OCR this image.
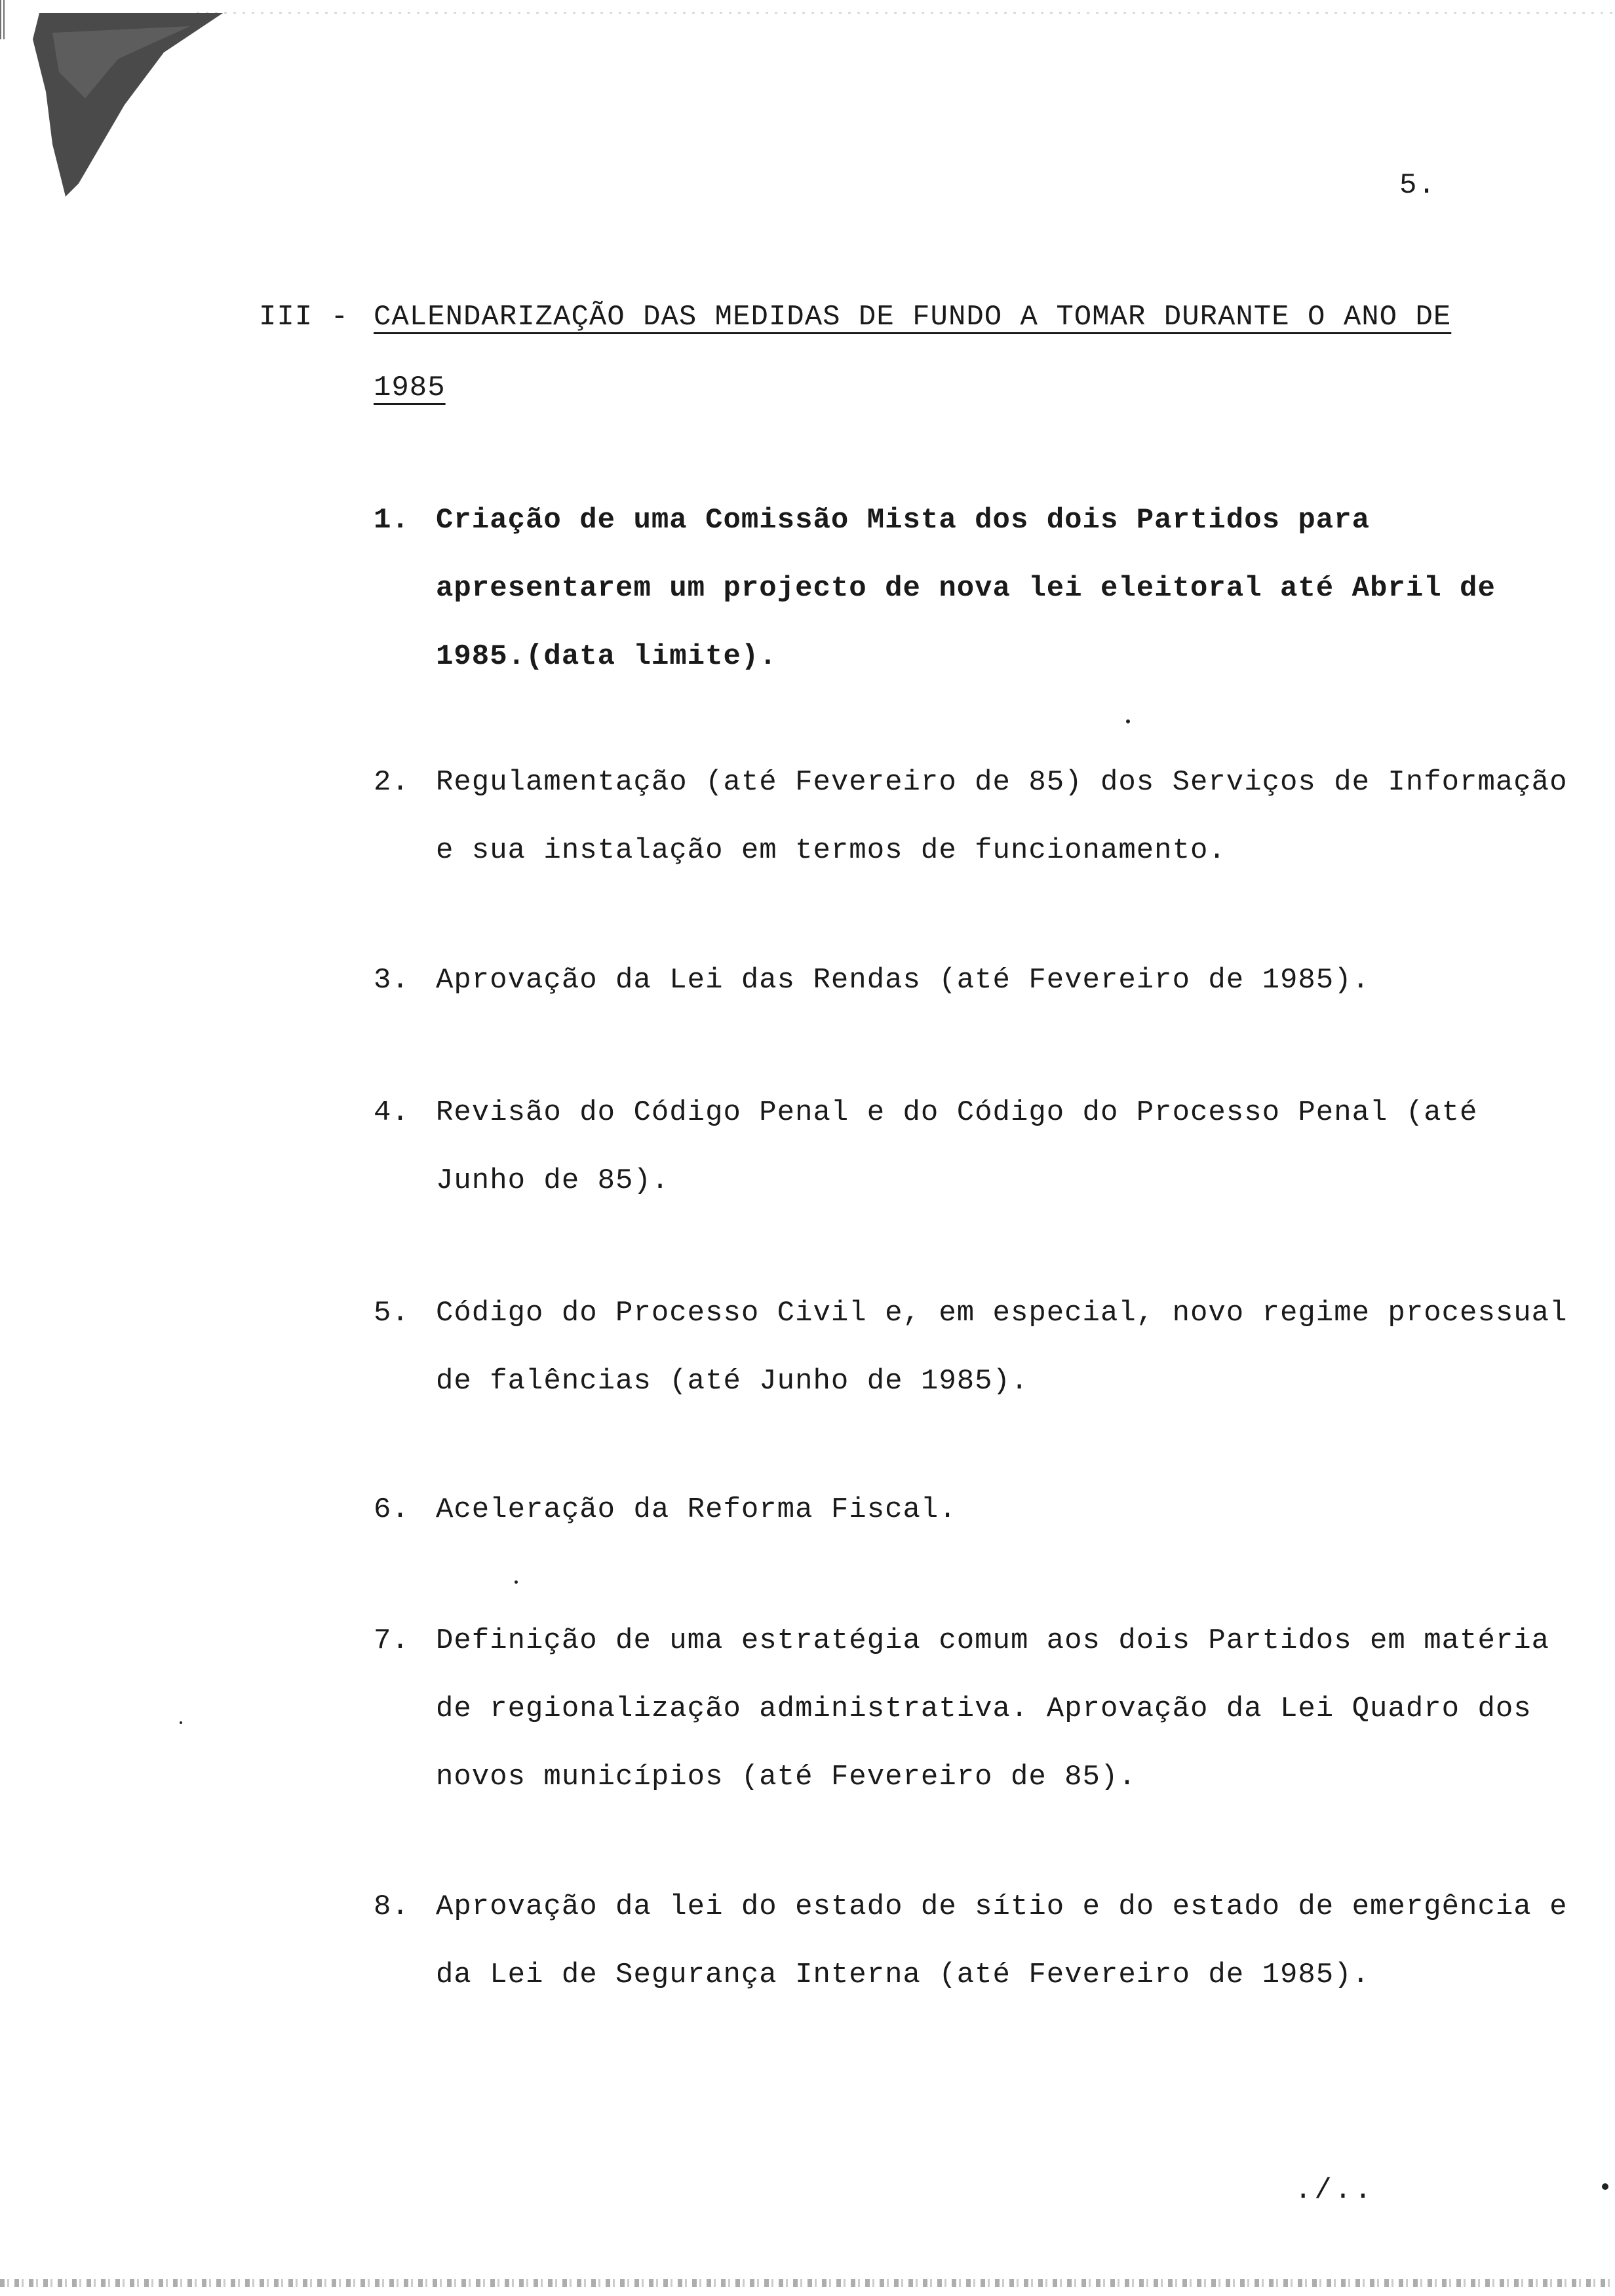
5.
III - CALENDARIZAÇÃO DAS MEDIDAS DE FUNDO A TOMAR DURANTE O ANO DE 1985
1. Criação de uma Comissão Mista dos dois Partidos para apresentarem um projecto de nova lei eleitoral até Abril de 1985.(data limite).
2. Regulamentação (até Fevereiro de 85) dos Serviços de Informação e sua instalação em termos de funcionamento.
3. Aprovação da Lei das Rendas (até Fevereiro de 1985).
4. Revisão do Código Penal e do Código do Processo Penal (até Junho de 85).
5. Código do Processo Civil e, em especial, novo regime processual de falências (até Junho de 1985).
6. Aceleração da Reforma Fiscal.
7. Definição de uma estratégia comum aos dois Partidos em matéria de regionalização administrativa. Aprovação da Lei Quadro dos novos municípios (até Fevereiro de 85).
8. Aprovação da lei do estado de sítio e do estado de emergência e da Lei de Segurança Interna (até Fevereiro de 1985).
./..
